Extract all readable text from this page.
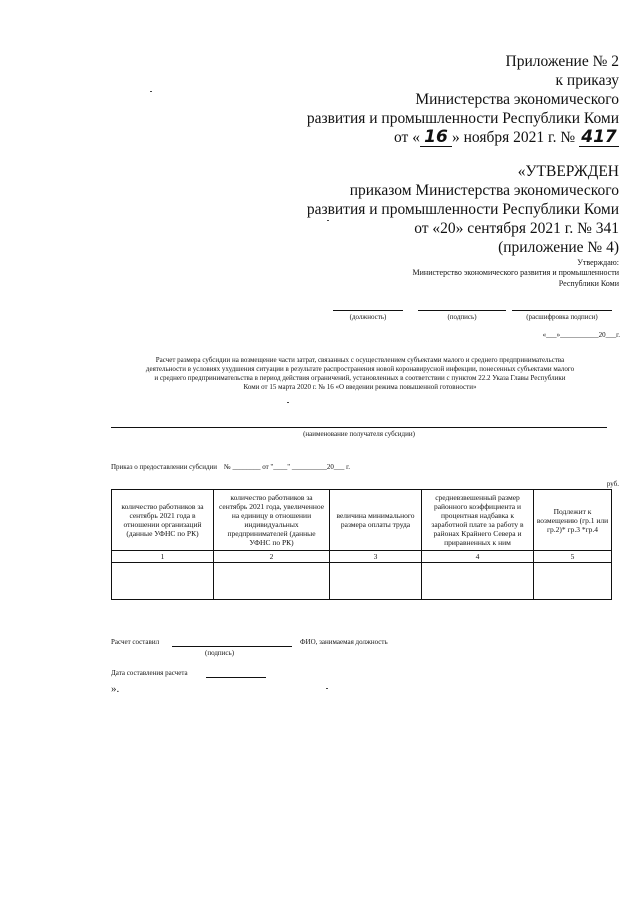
Приложение № 2
к приказу
Министерства экономического
развития и промышленности Республики Коми
от « 16 » ноября 2021 г. № 417
«УТВЕРЖДЕН
приказом Министерства экономического
развития и промышленности Республики Коми
от «20» сентября 2021 г. № 341
(приложение № 4)
Утверждаю:
Министерство экономического развития и промышленности
Республики Коми
(должность)	(подпись)	(расшифровка подписи)
«___»___________20___г.
Расчет размера субсидии на возмещение части затрат, связанных с осуществлением субъектами малого и среднего предпринимательства
деятельности в условиях ухудшения ситуации в результате распространения новой коронавирусной инфекции, понесенных субъектами малого
и среднего предпринимательства в период действия ограничений, установленных в соответствии с пунктом 22.2 Указа Главы Республики
Коми от 15 марта 2020 г. № 16 «О введении режима повышенной готовности»
(наименование получателя субсидии)
Приказ о предоставлении субсидии    № ________ от "____" __________20___ г.
руб.
количество работников за сентябрь 2021 года в отношении организаций (данные УФНС по РК)	количество работников за сентябрь 2021 года, увеличенное на единицу в отношении индивидуальных предпринимателей (данные УФНС по РК)	величина минимального размера оплаты труда	средневзвешенный размер районного коэффициента и процентная надбавка к заработной плате за работу в районах Крайнего Севера и приравненных к ним	Подлежит к возмещению (гр.1 или гр.2)* гр.3 *гр.4
1	2	3	4	5

Расчет составил	ФИО, занимаемая должность
(подпись)
Дата составления расчета
».
